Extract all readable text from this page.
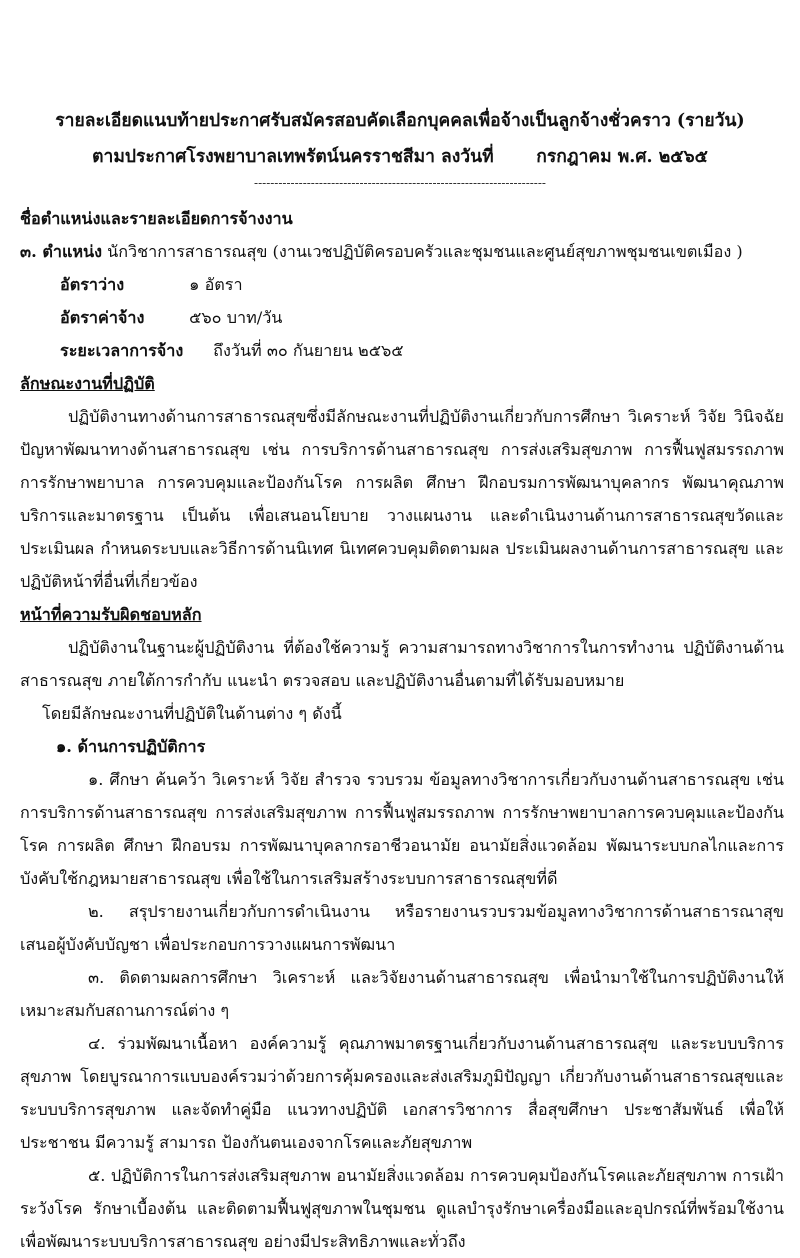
รายละเอียดแนบท้ายประกาศรับสมัครสอบคัดเลือกบุคคลเพื่อจ้างเป็นลูกจ้างชั่วคราว (รายวัน)
ตามประกาศโรงพยาบาลเทพรัตน์นครราชสีมา ลงวันที่       กรกฎาคม พ.ศ. ๒๕๖๕
------------------------------------------------------------------------
ชื่อตำแหน่งและรายละเอียดการจ้างงาน
๓. ตำแหน่ง นักวิชาการสาธารณสุข (งานเวชปฏิบัติครอบครัวและชุมชนและศูนย์สุขภาพชุมชนเขตเมือง )
อัตราว่าง	๑ อัตรา
อัตราค่าจ้าง	๕๖๐ บาท/วัน
ระยะเวลาการจ้าง ถึงวันที่ ๓๐ กันยายน ๒๕๖๕
ลักษณะงานที่ปฏิบัติ

ปฏิบัติงานทางด้านการสาธารณสุขซึ่งมีลักษณะงานที่ปฏิบัติงานเกี่ยวกับการศึกษา วิเคราะห์ วิจัย วินิจฉัย ปัญหาพัฒนาทางด้านสาธารณสุข เช่น การบริการด้านสาธารณสุข การส่งเสริมสุขภาพ การฟื้นฟูสมรรถภาพ การรักษาพยาบาล การควบคุมและป้องกันโรค การผลิต ศึกษา ฝึกอบรมการพัฒนาบุคลากร พัฒนาคุณภาพบริการและมาตรฐาน เป็นต้น เพื่อเสนอนโยบาย วางแผนงาน และดำเนินงานด้านการสาธารณสุขวัดและประเมินผล กำหนดระบบและวิธีการด้านนิเทศ นิเทศควบคุมติดตามผล ประเมินผลงานด้านการสาธารณสุข และปฏิบัติหน้าที่อื่นที่เกี่ยวข้อง

หน้าที่ความรับผิดชอบหลัก

ปฏิบัติงานในฐานะผู้ปฏิบัติงาน ที่ต้องใช้ความรู้ ความสามารถทางวิชาการในการทำงาน ปฏิบัติงานด้านสาธารณสุข ภายใต้การกำกับ แนะนำ ตรวจสอบ และปฏิบัติงานอื่นตามที่ได้รับมอบหมาย

โดยมีลักษณะงานที่ปฏิบัติในด้านต่าง ๆ ดังนี้
๑. ด้านการปฏิบัติการ

๑. ศึกษา ค้นคว้า วิเคราะห์ วิจัย สำรวจ รวบรวม ข้อมูลทางวิชาการเกี่ยวกับงานด้านสาธารณสุข เช่น การบริการด้านสาธารณสุข การส่งเสริมสุขภาพ การฟื้นฟูสมรรถภาพ การรักษาพยาบาลการควบคุมและป้องกันโรค การผลิต ศึกษา ฝึกอบรม การพัฒนาบุคลากรอาชีวอนามัย อนามัยสิ่งแวดล้อม พัฒนาระบบกลไกและการบังคับใช้กฎหมายสาธารณสุข เพื่อใช้ในการเสริมสร้างระบบการสาธารณสุขที่ดี

๒. สรุปรายงานเกี่ยวกับการดำเนินงาน หรือรายงานรวบรวมข้อมูลทางวิชาการด้านสาธารณาสุข เสนอผู้บังคับบัญชา เพื่อประกอบการวางแผนการพัฒนา

๓. ติดตามผลการศึกษา วิเคราะห์ และวิจัยงานด้านสาธารณสุข เพื่อนำมาใช้ในการปฏิบัติงานให้เหมาะสมกับสถานการณ์ต่าง ๆ

๔. ร่วมพัฒนาเนื้อหา องค์ความรู้ คุณภาพมาตรฐานเกี่ยวกับงานด้านสาธารณสุข และระบบบริการสุขภาพ โดยบูรณาการแบบองค์รวมว่าด้วยการคุ้มครองและส่งเสริมภูมิปัญญา เกี่ยวกับงานด้านสาธารณสุขและระบบบริการสุขภาพ และจัดทำคู่มือ แนวทางปฏิบัติ เอกสารวิชาการ สื่อสุขศึกษา ประชาสัมพันธ์ เพื่อให้ประชาชน มีความรู้ สามารถ ป้องกันตนเองจากโรคและภัยสุขภาพ

๕. ปฏิบัติการในการส่งเสริมสุขภาพ อนามัยสิ่งแวดล้อม การควบคุมป้องกันโรคและภัยสุขภาพ การเฝ้าระวังโรค รักษาเบื้องต้น และติดตามฟื้นฟูสุขภาพในชุมชน ดูแลบำรุงรักษาเครื่องมือและอุปกรณ์ที่พร้อมใช้งานเพื่อพัฒนาระบบบริการสาธารณสุข อย่างมีประสิทธิภาพและทั่วถึง
